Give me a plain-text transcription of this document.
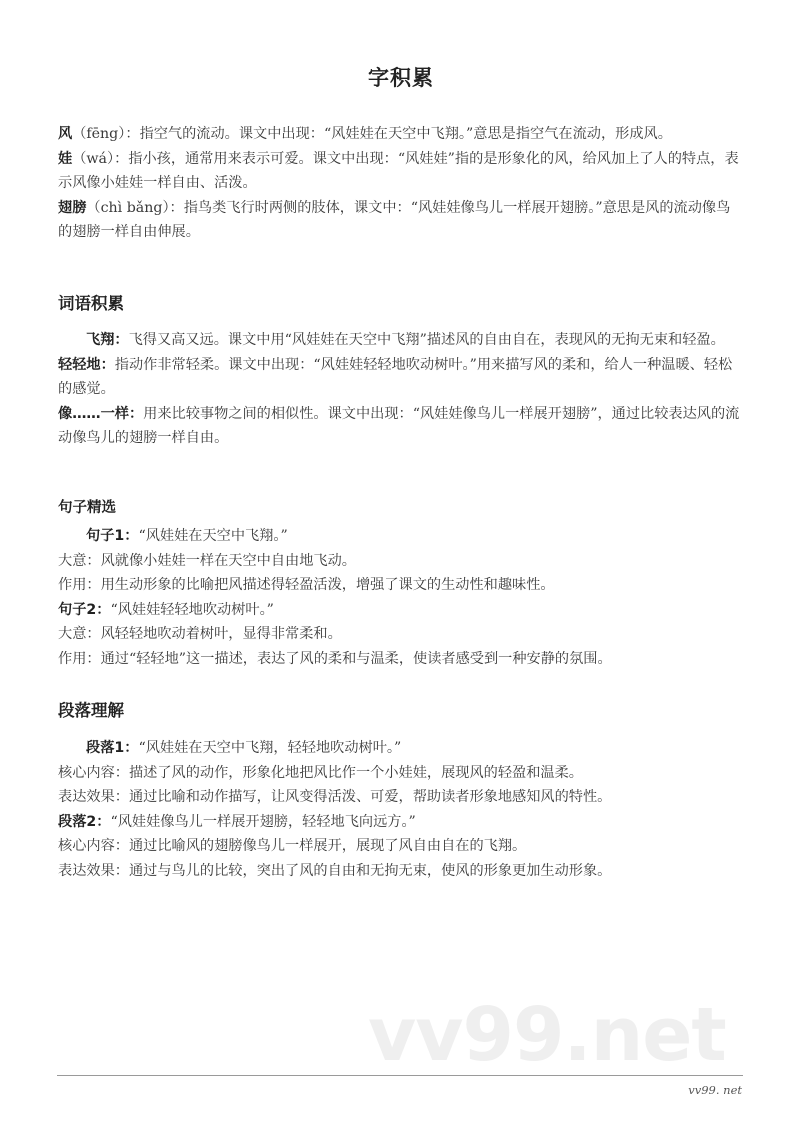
字积累

风（fēng）：指空气的流动。课文中出现：“风娃娃在天空中飞翔。”意思是指空气在流动，形成风。

娃（wá）：指小孩，通常用来表示可爱。课文中出现：“风娃娃”指的是形象化的风，给风加上了人的特点，表示风像小娃娃一样自由、活泼。

翅膀（chì bǎng）：指鸟类飞行时两侧的肢体，课文中：“风娃娃像鸟儿一样展开翅膀。”意思是风的流动像鸟的翅膀一样自由伸展。

词语积累

飞翔：飞得又高又远。课文中用“风娃娃在天空中飞翔”描述风的自由自在，表现风的无拘无束和轻盈。

轻轻地：指动作非常轻柔。课文中出现：“风娃娃轻轻地吹动树叶。”用来描写风的柔和，给人一种温暖、轻松的感觉。

像……一样：用来比较事物之间的相似性。课文中出现：“风娃娃像鸟儿一样展开翅膀”，通过比较表达风的流动像鸟儿的翅膀一样自由。

句子精选

句子1：“风娃娃在天空中飞翔。”

大意：风就像小娃娃一样在天空中自由地飞动。

作用：用生动形象的比喻把风描述得轻盈活泼，增强了课文的生动性和趣味性。

句子2：“风娃娃轻轻地吹动树叶。”

大意：风轻轻地吹动着树叶，显得非常柔和。

作用：通过“轻轻地”这一描述，表达了风的柔和与温柔，使读者感受到一种安静的氛围。

段落理解

段落1：“风娃娃在天空中飞翔，轻轻地吹动树叶。”

核心内容：描述了风的动作，形象化地把风比作一个小娃娃，展现风的轻盈和温柔。

表达效果：通过比喻和动作描写，让风变得活泼、可爱，帮助读者形象地感知风的特性。

段落2：“风娃娃像鸟儿一样展开翅膀，轻轻地飞向远方。”

核心内容：通过比喻风的翅膀像鸟儿一样展开，展现了风自由自在的飞翔。

表达效果：通过与鸟儿的比较，突出了风的自由和无拘无束，使风的形象更加生动形象。

vv99.net
vv99. net
